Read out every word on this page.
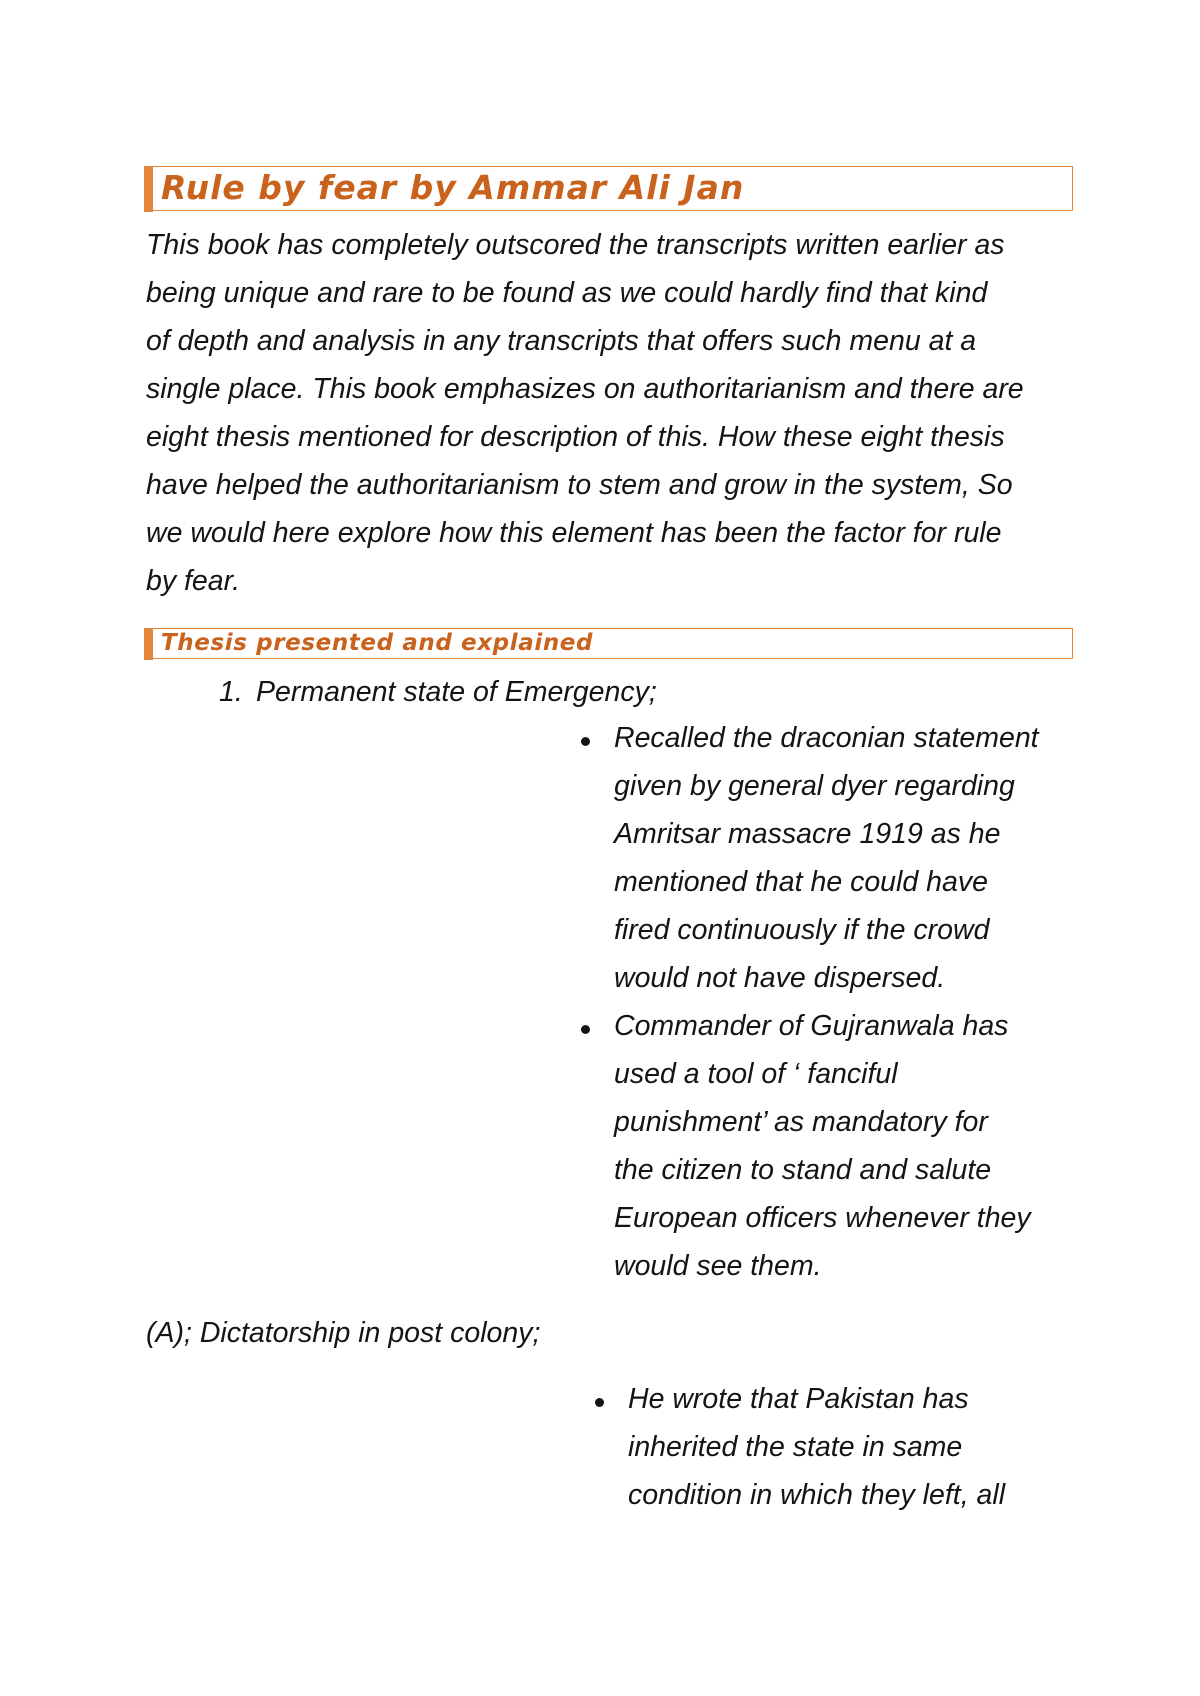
Rule by fear by Ammar Ali Jan
This book has completely outscored the transcripts written earlier as
being unique and rare to be found as we could hardly find that kind
of depth and analysis in any transcripts that offers such menu at a
single place. This book emphasizes on authoritarianism and there are
eight thesis mentioned for description of this. How these eight thesis
have helped the authoritarianism to stem and grow in the system, So
we would here explore how this element has been the factor for rule
by fear.
Thesis presented and explained
1. Permanent state of Emergency;
Recalled the draconian statement
given by general dyer regarding
Amritsar massacre 1919 as he
mentioned that he could have
fired continuously if the crowd
would not have dispersed.
Commander of Gujranwala has
used a tool of ‘ fanciful
punishment’ as mandatory for
the citizen to stand and salute
European officers whenever they
would see them.
(A); Dictatorship in post colony;
He wrote that Pakistan has
inherited the state in same
condition in which they left, all
